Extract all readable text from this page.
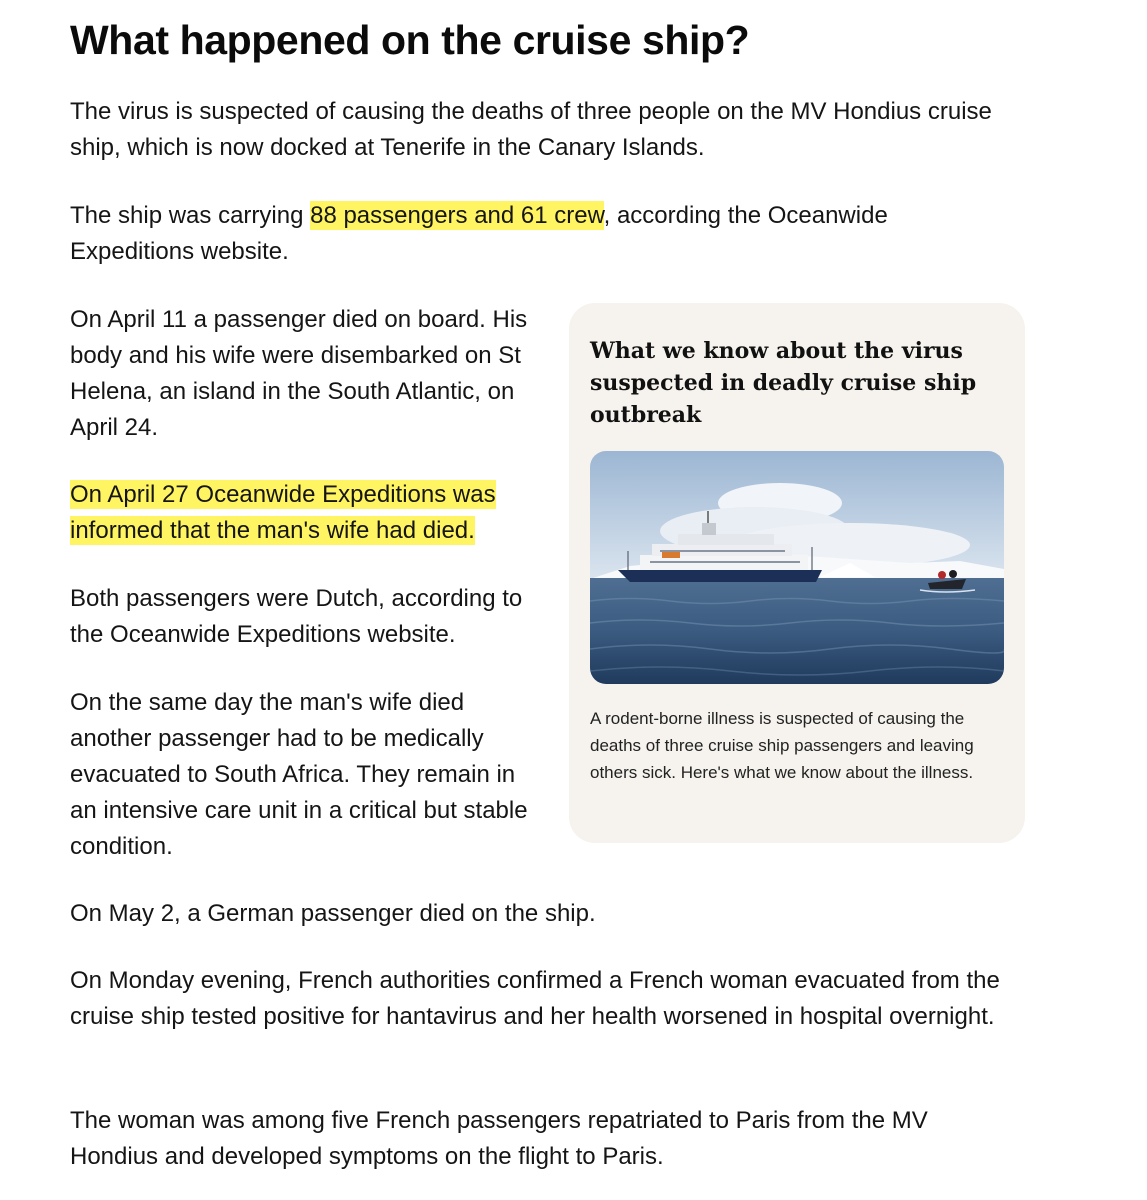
What happened on the cruise ship?

The virus is suspected of causing the deaths of three people on the MV Hondius cruise ship, which is now docked at Tenerife in the Canary Islands.

The ship was carrying 88 passengers and 61 crew, according the Oceanwide Expeditions website.

On April 11 a passenger died on board. His body and his wife were disembarked on St Helena, an island in the South Atlantic, on April 24.

On April 27 Oceanwide Expeditions was informed that the man's wife had died.

Both passengers were Dutch, according to the Oceanwide Expeditions website.

On the same day the man's wife died another passenger had to be medically evacuated to South Africa. They remain in an intensive care unit in a critical but stable condition.

On May 2, a German passenger died on the ship.

On Monday evening, French authorities confirmed a French woman evacuated from the cruise ship tested positive for hantavirus and her health worsened in hospital overnight.

The woman was among five French passengers repatriated to Paris from the MV Hondius and developed symptoms on the flight to Paris.

What we know about the virus suspected in deadly cruise ship outbreak

A rodent-borne illness is suspected of causing the deaths of three cruise ship passengers and leaving others sick. Here's what we know about the illness.
